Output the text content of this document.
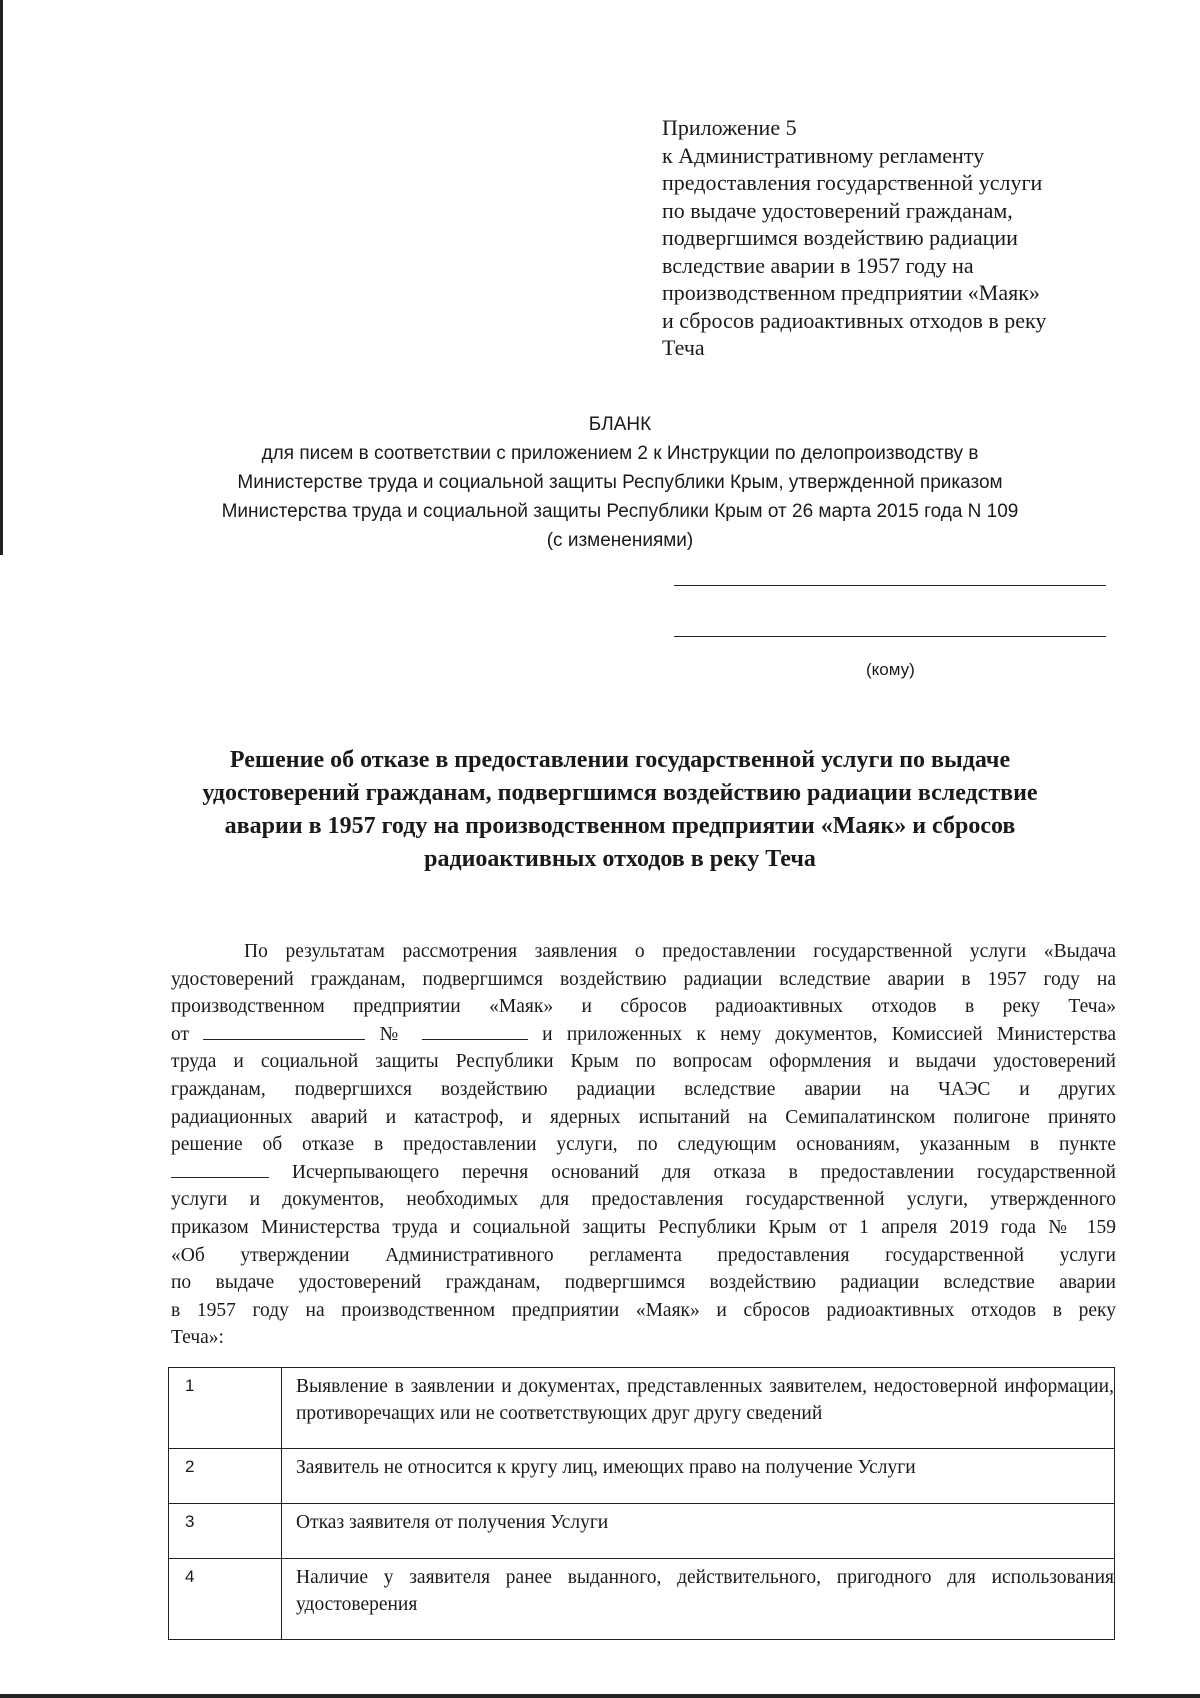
Приложение 5
к Административному регламенту
предоставления государственной услуги
по выдаче удостоверений гражданам,
подвергшимся воздействию радиации
вследствие аварии в 1957 году на
производственном предприятии «Маяк»
и сбросов радиоактивных отходов в реку
Теча
БЛАНК
для писем в соответствии с приложением 2 к Инструкции по делопроизводству в
Министерстве труда и социальной защиты Республики Крым, утвержденной приказом
Министерства труда и социальной защиты Республики Крым от 26 марта 2015 года N 109
(с изменениями)
(кому)
Решение об отказе в предоставлении государственной услуги по выдаче
удостоверений гражданам, подвергшимся воздействию радиации вследствие
аварии в 1957 году на производственном предприятии «Маяк» и сбросов
радиоактивных отходов в реку Теча
По результатам рассмотрения заявления о предоставлении государственной услуги «Выдача
удостоверений гражданам, подвергшимся воздействию радиации вследствие аварии в 1957 году на
производственном предприятии «Маяк» и сбросов радиоактивных отходов в реку Теча»
от	№	и приложенных к нему документов, Комиссией Министерства
труда и социальной защиты Республики Крым по вопросам оформления и выдачи удостоверений
гражданам, подвергшихся воздействию радиации вследствие аварии на ЧАЭС и других
радиационных аварий и катастроф, и ядерных испытаний на Семипалатинском полигоне принято
решение об отказе в предоставлении услуги, по следующим основаниям, указанным в пункте
Исчерпывающего перечня оснований для отказа в предоставлении государственной
услуги и документов, необходимых для предоставления государственной услуги, утвержденного
приказом Министерства труда и социальной защиты Республики Крым от 1 апреля 2019 года № 159
«Об утверждении Административного регламента предоставления государственной услуги
по выдаче удостоверений гражданам, подвергшимся воздействию радиации вследствие аварии
в 1957 году на производственном предприятии «Маяк» и сбросов радиоактивных отходов в реку
Теча»:
1	Выявление в заявлении и документах, представленных заявителем, недостоверной информации, противоречащих или не соответствующих друг другу сведений
2	Заявитель не относится к кругу лиц, имеющих право на получение Услуги
3	Отказ заявителя от получения Услуги
4	Наличие у заявителя ранее выданного, действительного, пригодного для использования удостоверения
